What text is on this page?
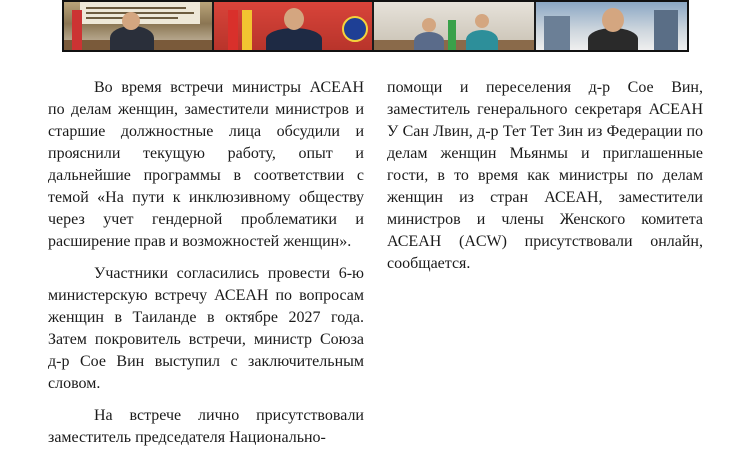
Во время встречи министры АСЕАН по делам женщин, заместители министров и старшие должностные лица обсудили и прояснили текущую работу, опыт и дальнейшие программы в соответствии с темой «На пути к инклюзивному обществу через учет гендерной проблематики и расширение прав и возможностей женщин».

Участники согласились провести 6-ю министерскую встречу АСЕАН по вопросам женщин в Таиланде в октябре 2027 года. Затем покровитель встречи, министр Союза д-р Сое Вин выступил с заключительным словом.

На встрече лично присутствовали заместитель председателя Национально-

помощи и переселения д-р Сое Вин, заместитель генерального секретаря АСЕАН У Сан Лвин, д-р Тет Тет Зин из Федерации по делам женщин Мьянмы и приглашенные гости, в то время как министры по делам женщин из стран АСЕАН, заместители министров и члены Женского комитета АСЕАН (ACW) присутствовали онлайн, сообщается.
